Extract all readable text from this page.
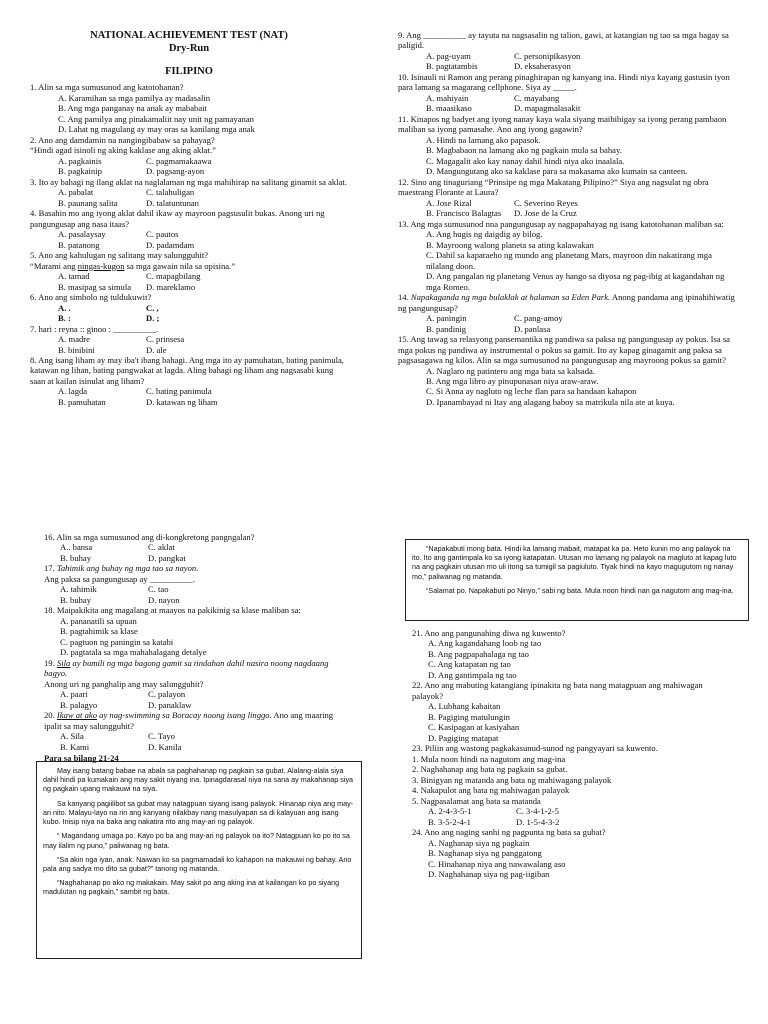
NATIONAL ACHIEVEMENT TEST (NAT)
Dry-Run
FILIPINO

1. Alin sa mga sumusunod ang katotohanan?

A. Karamihan sa mga pamilya ay madasalin
B. Ang mga panganay na anak ay mababait
C. Ang pamilya ang pinakamaliit nay unit ng pamayanan
D. Lahat ng magulang ay may oras sa kanilang mga anak

2. Ano ang damdamin na nangingibabaw sa pahayag?

“Hindi agad isinoli ng aking kaklase ang aking aklat.”

A. pagkainis	C. pagmamakaawa
B. pagkainip	D. pagsang-ayon

3. Ito ay bahagi ng ilang aklat na naglalaman ng mga mahihirap na salitang ginamit sa aklat.

A. pabalat	C. talahuligan
B. paunang salita	D. talatuntunan

4. Basahin mo ang iyong aklat dahil ikaw ay mayroon pagsusulit bukas. Anong uri ng pangungusap ang nasa itaas?

A. pasalaysay	C. pautos
B. patanong	D. padamdam

5. Ano ang kahulugan ng salitang may salungguhit?

“Marami ang ningas-kugon sa mga gawain nila sa opisina.”

A. tamad	C. mapagbilang
B. masipag sa simula	D. mareklamo

6. Ano ang simbolo ng tuldukuwit?

A. .	C. ,
B. :	D. ;

7. hari : reyna :: ginoo : __________.

A. madre	C. prinsesa
B. binibini	D. ale

8. Ang isang liham ay may iba't ibang bahagi. Ang mga ito ay pamuhatan, bating panimula, katawan ng lihan, bating pangwakat at lagda. Aling bahagi ng liham ang nagsasabi kung saan at kailan isinulat ang liham?

A. lagda	C. bating panimula
B. pamuhatan	D. katawan ng liham

9. Ang __________ ay tayuta na nagsasalin ng talion, gawi, at katangian ng tao sa mga bagay sa paligid.

A. pag-uyam	C. personipikasyon
B. pagtatambis	D. eksaherasyon

10. Isinauli ni Ramon ang perang pinaghirapan ng kanyang ina. Hindi niya kayang gastusin iyon para lamang sa magarang cellphone. Siya ay _____.

A. mahiyain	C. mayabang
B. maasikaso	D. mapagmalasakit

11. Kinapos ng badyet ang iyong nanay kaya wala siyang maibibigay sa iyong perang pambaon maliban sa iyong pamasahe. Ano ang iyong gagawin?

A. Hindi na lamang ako papasok.
B. Magbabaon na lamang ako ng pagkain mula sa bahay.
C. Magagalit ako kay nanay dahil hindi niya ako inaalala.
D. Mangungutang ako sa kaklase para sa makasama ako kumain sa canteen.

12. Sino ang tinaguriang “Prinsipe ng mga Makatang Pilipino?” Siya ang nagsulat ng obra maestrang Florante at Laura?

A. Jose Rizal	C. Severino Reyes
B. Francisco Balagtas	D. Jose de la Cruz

13. Ang mga sumusunod nna pangungusap ay nagpapahayag ng isang katotohanan maliban sa:

A. Ang hugis ng daigdig ay bilog.
B. Mayroong walong planeta sa ating kalawakan
C. Dahil sa kaparaeho ng mundo ang planetang Mars, mayroon din nakatirang mga nilalang doon.
D. Ang pangalan ng planetang Venus ay hango sa diyosa ng pag-ibig at kagandahan ng mga Romeo.

14. Napakaganda ng mga bulaklak at halaman sa Eden Park. Anong pandama ang ipinahihiwatig ng pangungusap?

A. paningin	C. pang-amoy
B. pandinig	D. panlasa

15. Ang tawag sa relasyong pansemantika ng pandiwa sa paksa ng pangungusap ay pokus. Isa sa mga pokus ng pandiwa ay instrumental o pokus sa gamit. Ito ay kapag ginagamit ang paksa sa pagsasagawa ng kilos. Alin sa mga sumusunod na pangungusap ang mayroong pokus sa gamit?

A. Naglaro ng patintero ang mga bata sa kalsada.
B. Ang mga libro ay pinupunasan niya araw-araw.
C. Si Anna ay nagluto ng leche flan para sa handaan kahapon
D. Ipanambayad ni Itay ang alagang baboy sa matrikula nila ate at kuya.

16. Alin sa mga sumusunod ang di-kongkretong pangngalan?

A.. bansa	C. aklat
B. buhay	D. pangkat

17. Tahimik ang buhay ng mga tao sa nayon.

Ang paksa sa pangungusap ay __________.

A. tahimik	C. tao
B. buhay	D. nayon

18. Maipakikita ang magalang at maayos na pakikinig sa klase maliban sa:

A. pananatili sa upuan
B. pagtahimik sa klase
C. pagtuon ng paningin sa katabi
D. pagtatala sa mga mahahalagang detalye

19. Sila ay bumili ng mga bagong gamit sa tindahan dahil nasira noong nagdaang bagyo.

Anong uri ng panghalip ang may salungguhit?

A. paari	C. palayon
B. palagyo	D. panaklaw

20. Ikaw at ako ay nag-swimming sa Boracay noong isang linggo. Ano ang maaring ipalit sa may salungguhit?

A. Sila	C. Tayo
B. Kami	D. Kanila
Para sa bilang 21-24

May isang batang babae na abala sa paghahanap ng pagkain sa gubat. Alalang-alala siya dahil hindi pa kumakain ang may sakit niyang ina. Ipinagdarasal niya na sana ay makahanap siya ng pagkain upang makauwi na siya.

Sa kanyang pagiilibot sa gubat may natagpuan siyang isang palayok. Hinanap niya ang may-ari nito. Malayu-layo na rin ang kanyang nilakbay nang masulyapan sa di kalayuan ang isang kubo. Inisip niya na baka ang nakatira rito ang may-ari ng palayok.

“ Magandang umaga po. Kayo po ba ang may-ari ng palayok na ito? Natagpuan ko po ito sa may ilalim ng puno,” paliwanag ng bata.

“Sa akin nga iyan, anak. Naiwan ko sa pagmamadali ko kahapon na makauwi ng bahay. Ano pala ang sadya mo dito sa gubat?” tanong ng matanda.

“Naghahanap po ako ng makakain. May sakit po ang aking ina at kailangan ko po siyang madulutan ng pagkain,” sambit ng bata.

“Napakabuti mong bata. Hindi ka lamang mabait, matapat ka pa. Heto kunin mo ang palayok na ito. Ito ang gantimpala ko sa iyong katapatan. Utusan mo lamang ng palayok na magluto at kapag luto na ang pagkain utusan mo uli itong sa tumigil sa pagiuluto. Tiyak hindi na kayo magugutom ng nanay mo,” paliwanag ng matanda.

“Salamat po. Napakabuti po Ninyo,” sabi ng bata. Mula noon hindi nan ga nagutom ang mag-ina.

21. Ano ang pangunahing diwa ng kuwento?

A. Ang kagandahang loob ng tao
B. Ang pagpapahalaga ng tao
C. Ang katapatan ng tao
D. Ang gantimpala ng tao

22. Ano ang mabuting katangiang ipinakita ng bata nang matagpuan ang mahiwagan palayok?

A. Lubhang kabaitan
B. Pagiging matulungin
C. Kasipagan at kasiyahan
D. Pagiging matapat

23. Piliin ang wastong pagkakasunud-sunod ng pangyayari sa kuwento.

1. Mula noon hindi na nagutom ang mag-ina
2. Naghahanap ang bata ng pagkain sa gubat.
3. Binigyan ng matanda ang bata ng mahiwagang palayok
4. Nakapulot ang bata ng mahiwagan palayok
5. Nagpasalamat ang bata sa matanda
A. 2-4-3-5-1	C. 3-4-1-2-5
B. 3-5-2-4-1	D. 1-5-4-3-2

24. Ano ang naging sanhi ng pagpunta ng bata sa gubat?

A. Naghanap siya ng pagkain
B. Naghanap siya ng panggatong
C. Hinahanap niya ang nawawalang aso
D. Naghahanap siya ng pag-iigiban
